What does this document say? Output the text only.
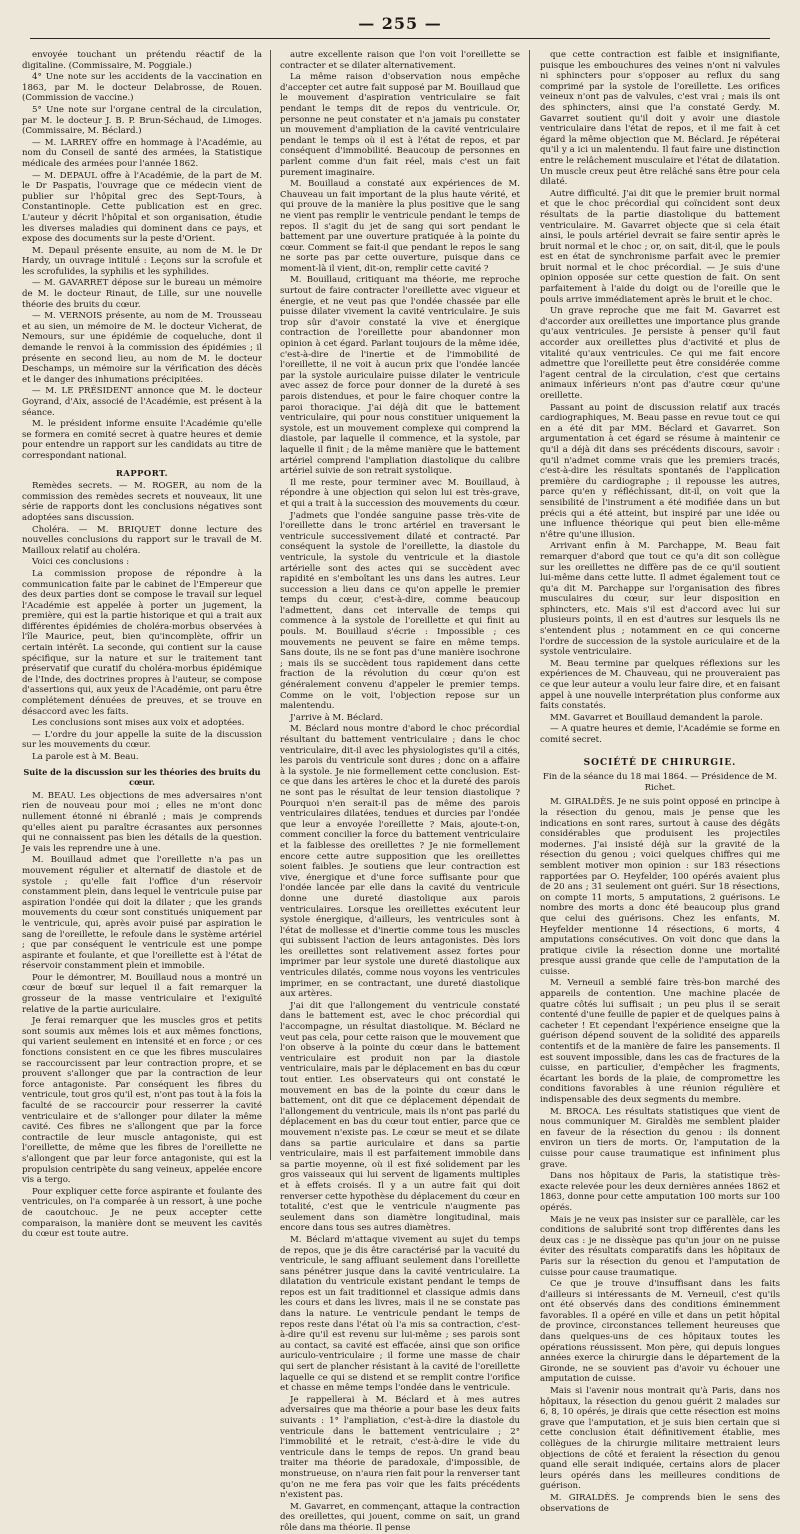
— 255 —

envoyée touchant un prétendu réactif de la digitaline. (Commissaire, M. Poggiale.)

4° Une note sur les accidents de la vaccination en 1863, par M. le docteur Delabrosse, de Rouen. (Commission de vaccine.)

5° Une note sur l'organe central de la circulation, par M. le docteur J. B. P. Brun-Séchaud, de Limoges. (Commissaire, M. Béclard.)

— M. LARREY offre en hommage à l'Académie, au nom du Conseil de santé des armées, la Statistique médicale des armées pour l'année 1862.

— M. DEPAUL offre à l'Académie, de la part de M. le Dr Paspatis, l'ouvrage que ce médecin vient de publier sur l'hôpital grec des Sept-Tours, à Constantinople. Cette publication est en grec. L'auteur y décrit l'hôpital et son organisation, étudie les diverses maladies qui dominent dans ce pays, et expose des documents sur la peste d'Orient.

M. Depaul présente ensuite, au nom de M. le Dr Hardy, un ouvrage intitulé : Leçons sur la scrofule et les scrofulides, la syphilis et les syphilides.

— M. GAVARRET dépose sur le bureau un mémoire de M. le docteur Rinaut, de Lille, sur une nouvelle théorie des bruits du cœur.

— M. VERNOIS présente, au nom de M. Trousseau et au sien, un mémoire de M. le docteur Vicherat, de Nemours, sur une épidémie de coqueluche, dont il demande le renvoi à la commission des épidémies ; il présente en second lieu, au nom de M. le docteur Deschamps, un mémoire sur la vérification des décès et le danger des inhumations précipitées.

— M. LE PRÉSIDENT annonce que M. le docteur Goyrand, d'Aix, associé de l'Académie, est présent à la séance.

M. le président informe ensuite l'Académie qu'elle se formera en comité secret à quatre heures et demie pour entendre un rapport sur les candidats au titre de correspondant national.

RAPPORT.

Remèdes secrets. — M. ROGER, au nom de la commission des remèdes secrets et nouveaux, lit une série de rapports dont les conclusions négatives sont adoptées sans discussion.

Choléra. — M. BRIQUET donne lecture des nouvelles conclusions du rapport sur le travail de M. Mailloux relatif au choléra.

Voici ces conclusions :

La commission propose de répondre à la communication faite par le cabinet de l'Empereur que des deux parties dont se compose le travail sur lequel l'Académie est appelée à porter un jugement, la première, qui est la partie historique et qui a trait aux différentes épidémies de choléra-morbus observées à l'île Maurice, peut, bien qu'incomplète, offrir un certain intérêt. La seconde, qui contient sur la cause spécifique, sur la nature et sur le traitement tant préservatif que curatif du choléra-morbus épidémique de l'Inde, des doctrines propres à l'auteur, se compose d'assertions qui, aux yeux de l'Académie, ont paru être complétement dénuées de preuves, et se trouve en désaccord avec les faits.

Les conclusions sont mises aux voix et adoptées.

— L'ordre du jour appelle la suite de la discussion sur les mouvements du cœur.

La parole est à M. Beau.

Suite de la discussion sur les théories des bruits du cœur.

M. BEAU. Les objections de mes adversaires n'ont rien de nouveau pour moi ; elles ne m'ont donc nullement étonné ni ébranlé ; mais je comprends qu'elles aient pu paraître écrasantes aux personnes qui ne connaissent pas bien les détails de la question. Je vais les reprendre une à une.

M. Bouillaud admet que l'oreillette n'a pas un mouvement régulier et alternatif de diastole et de systole ; qu'elle fait l'office d'un réservoir constamment plein, dans lequel le ventricule puise par aspiration l'ondée qui doit la dilater ; que les grands mouvements du cœur sont constitués uniquement par le ventricule, qui, après avoir puisé par aspiration le sang de l'oreillette, le refoule dans le système artériel ; que par conséquent le ventricule est une pompe aspirante et foulante, et que l'oreillette est à l'état de réservoir constamment plein et immobile.

Pour le démontrer, M. Bouillaud nous a montré un cœur de bœuf sur lequel il a fait remarquer la grosseur de la masse ventriculaire et l'exiguïté relative de la partie auriculaire.

Je ferai remarquer que les muscles gros et petits sont soumis aux mêmes lois et aux mêmes fonctions, qui varient seulement en intensité et en force ; or ces fonctions consistent en ce que les fibres musculaires se raccourcissent par leur contraction propre, et se prouvent s'allonger que par la contraction de leur force antagoniste. Par conséquent les fibres du ventricule, tout gros qu'il est, n'ont pas tout à la fois la faculté de se raccourcir pour resserrer la cavité ventriculaire et de s'allonger pour dilater la même cavité. Ces fibres ne s'allongent que par la force contractile de leur muscle antagoniste, qui est l'oreillette, de même que les fibres de l'oreillette ne s'allongent que par leur force antagoniste, qui est la propulsion centripète du sang veineux, appelée encore vis a tergo.

Pour expliquer cette force aspirante et foulante des ventricules, on l'a comparée à un ressort, à une poche de caoutchouc. Je ne peux accepter cette comparaison, la manière dont se meuvent les cavités du cœur est toute autre.

autre excellente raison que l'on voit l'oreillette se contracter et se dilater alternativement.

La même raison d'observation nous empêche d'accepter cet autre fait supposé par M. Bouillaud que le mouvement d'aspiration ventriculaire se fait pendant le temps dit de repos du ventricule. Or, personne ne peut constater et n'a jamais pu constater un mouvement d'ampliation de la cavité ventriculaire pendant le temps où il est à l'état de repos, et par conséquent d'immobilité. Beaucoup de personnes en parlent comme d'un fait réel, mais c'est un fait purement imaginaire.

M. Bouillaud a constaté aux expériences de M. Chauveau un fait important de la plus haute vérité, et qui prouve de la manière la plus positive que le sang ne vient pas remplir le ventricule pendant le temps de repos. Il s'agit du jet de sang qui sort pendant le battement par une ouverture pratiquée à la pointe du cœur. Comment se fait-il que pendant le repos le sang ne sorte pas par cette ouverture, puisque dans ce moment-là il vient, dit-on, remplir cette cavité ?

M. Bouillaud, critiquant ma théorie, me reproche surtout de faire contracter l'oreillette avec vigueur et énergie, et ne veut pas que l'ondée chassée par elle puisse dilater vivement la cavité ventriculaire. Je suis trop sûr d'avoir constaté la vive et énergique contraction de l'oreillette pour abandonner mon opinion à cet égard. Parlant toujours de la même idée, c'est-à-dire de l'inertie et de l'immobilité de l'oreillette, il ne voit à aucun prix que l'ondée lancée par la systole auriculaire puisse dilater le ventricule avec assez de force pour donner de la dureté à ses parois distendues, et pour le faire choquer contre la paroi thoracique. J'ai déjà dit que le battement ventriculaire, qui pour nous constituer uniquement la systole, est un mouvement complexe qui comprend la diastole, par laquelle il commence, et la systole, par laquelle il finit ; de la même manière que le battement artériel comprend l'ampliation diastolique du calibre artériel suivie de son retrait systolique.

Il me reste, pour terminer avec M. Bouillaud, à répondre à une objection qui selon lui est très-grave, et qui a trait à la succession des mouvements du cœur.

J'admets que l'ondée sanguine passe très-vite de l'oreillette dans le tronc artériel en traversant le ventricule successivement dilaté et contracté. Par conséquent la systole de l'oreillette, la diastole du ventricule, la systole du ventricule et la diastole artérielle sont des actes qui se succèdent avec rapidité en s'emboîtant les uns dans les autres. Leur succession a lieu dans ce qu'on appelle le premier temps du cœur, c'est-à-dire, comme beaucoup l'admettent, dans cet intervalle de temps qui commence à la systole de l'oreillette et qui finit au pouls. M. Bouillaud s'écrie : Impossible ; ces mouvements ne peuvent se faire en même temps. Sans doute, ils ne se font pas d'une manière isochrone ; mais ils se succèdent tous rapidement dans cette fraction de la révolution du cœur qu'on est généralement convenu d'appeler le premier temps. Comme on le voit, l'objection repose sur un malentendu.

J'arrive à M. Béclard.

M. Béclard nous montre d'abord le choc précordial résultant du battement ventriculaire ; dans le choc ventriculaire, dit-il avec les physiologistes qu'il a cités, les parois du ventricule sont dures ; donc on a affaire à la systole. Je nie formellement cette conclusion. Est-ce que dans les artères le choc et la dureté des parois ne sont pas le résultat de leur tension diastolique ? Pourquoi n'en serait-il pas de même des parois ventriculaires dilatées, tendues et durcies par l'ondée que leur a envoyée l'oreillette ? Mais, ajoute-t-on, comment concilier la force du battement ventriculaire et la faiblesse des oreillettes ? Je nie formellement encore cette autre supposition que les oreillettes soient faibles. Je soutiens que leur contraction est vive, énergique et d'une force suffisante pour que l'ondée lancée par elle dans la cavité du ventricule donne une dureté diastolique aux parois ventriculaires. Lorsque les oreillettes exécutent leur systole énergique, d'ailleurs, les ventricules sont à l'état de mollesse et d'inertie comme tous les muscles qui subissent l'action de leurs antagonistes. Dès lors les oreillettes sont relativement assez fortes pour imprimer par leur systole une dureté diastolique aux ventricules dilatés, comme nous voyons les ventricules imprimer, en se contractant, une dureté diastolique aux artères.

J'ai dit que l'allongement du ventricule constaté dans le battement est, avec le choc précordial qui l'accompagne, un résultat diastolique. M. Béclard ne veut pas cela, pour cette raison que le mouvement que l'on observe à la pointe du cœur dans le battement ventriculaire est produit non par la diastole ventriculaire, mais par le déplacement en bas du cœur tout entier. Les observateurs qui ont constaté le mouvement en bas de la pointe du cœur dans le battement, ont dit que ce déplacement dépendait de l'allongement du ventricule, mais ils n'ont pas parlé du déplacement en bas du cœur tout entier, parce que ce mouvement n'existe pas. Le cœur se meut et se dilate dans sa partie auriculaire et dans sa partie ventriculaire, mais il est parfaitement immobile dans sa partie moyenne, où il est fixé solidement par les gros vaisseaux qui lui servent de ligaments multiples et à effets croisés. Il y a un autre fait qui doit renverser cette hypothèse du déplacement du cœur en totalité, c'est que le ventricule n'augmente pas seulement dans son diamètre longitudinal, mais encore dans tous ses autres diamètres.

M. Béclard m'attaque vivement au sujet du temps de repos, que je dis être caractérisé par la vacuité du ventricule, le sang affluant seulement dans l'oreillette sans pénétrer jusque dans la cavité ventriculaire. La dilatation du ventricule existant pendant le temps de repos est un fait traditionnel et classique admis dans les cours et dans les livres, mais il ne se constate pas dans la nature. Le ventricule pendant le temps de repos reste dans l'état où l'a mis sa contraction, c'est-à-dire qu'il est revenu sur lui-même ; ses parois sont au contact, sa cavité est effacée, ainsi que son orifice auriculo-ventriculaire ; il forme une masse de chair qui sert de plancher résistant à la cavité de l'oreillette laquelle ce qui se distend et se remplit contre l'orifice et chasse en même temps l'ondée dans le ventricule.

Je rappellerai à M. Béclard et à mes autres adversaires que ma théorie a pour base les deux faits suivants : 1° l'ampliation, c'est-à-dire la diastole du ventricule dans le battement ventriculaire ; 2° l'immobilité et le retrait, c'est-à-dire le vide du ventricule dans le temps de repos. Un grand beau traiter ma théorie de paradoxale, d'impossible, de monstrueuse, on n'aura rien fait pour la renverser tant qu'on ne me fera pas voir que les faits précédents n'existent pas.

M. Gavarret, en commençant, attaque la contraction des oreillettes, qui jouent, comme on sait, un grand rôle dans ma théorie. Il pense

que cette contraction est faible et insignifiante, puisque les embouchures des veines n'ont ni valvules ni sphincters pour s'opposer au reflux du sang comprimé par la systole de l'oreillette. Les orifices veineux n'ont pas de valvules, c'est vrai ; mais ils ont des sphincters, ainsi que l'a constaté Gerdy. M. Gavarret soutient qu'il doit y avoir une diastole ventriculaire dans l'état de repos, et il me fait à cet égard la même objection que M. Béclard. Je répéterai qu'il y a ici un malentendu. Il faut faire une distinction entre le relâchement musculaire et l'état de dilatation. Un muscle creux peut être relâché sans être pour cela dilaté.

Autre difficulté. J'ai dit que le premier bruit normal et que le choc précordial qui coïncident sont deux résultats de la partie diastolique du battement ventriculaire. M. Gavarret objecte que si cela était ainsi, le pouls artériel devrait se faire sentir après le bruit normal et le choc ; or, on sait, dit-il, que le pouls est en état de synchronisme parfait avec le premier bruit normal et le choc précordial. — Je suis d'une opinion opposée sur cette question de fait. On sent parfaitement à l'aide du doigt ou de l'oreille que le pouls arrive immédiatement après le bruit et le choc.

Un grave reproche que me fait M. Gavarret est d'accorder aux oreillettes une importance plus grande qu'aux ventricules. Je persiste à penser qu'il faut accorder aux oreillettes plus d'activité et plus de vitalité qu'aux ventricules. Ce qui me fait encore admettre que l'oreillette peut être considérée comme l'agent central de la circulation, c'est que certains animaux inférieurs n'ont pas d'autre cœur qu'une oreillette.

Passant au point de discussion relatif aux tracés cardiographiques, M. Beau passe en revue tout ce qui en a été dit par MM. Béclard et Gavarret. Son argumentation à cet égard se résume à maintenir ce qu'il a déjà dit dans ses précédents discours, savoir : qu'il n'admet comme vrais que les premiers tracés, c'est-à-dire les résultats spontanés de l'application première du cardiographe ; il repousse les autres, parce qu'en y réfléchissant, dit-il, on voit que la sensibilité de l'instrument a été modifiée dans un but précis qui a été atteint, but inspiré par une idée ou une influence théorique qui peut bien elle-même n'être qu'une illusion.

Arrivant enfin à M. Parchappe, M. Beau fait remarquer d'abord que tout ce qu'a dit son collègue sur les oreillettes ne diffère pas de ce qu'il soutient lui-même dans cette lutte. Il admet également tout ce qu'a dit M. Parchappe sur l'organisation des fibres musculaires du cœur, sur leur disposition en sphincters, etc. Mais s'il est d'accord avec lui sur plusieurs points, il en est d'autres sur lesquels ils ne s'entendent plus ; notamment en ce qui concerne l'ordre de succession de la systole auriculaire et de la systole ventriculaire.

M. Beau termine par quelques réflexions sur les expériences de M. Chauveau, qui ne prouveraient pas ce que leur auteur a voulu leur faire dire, et en faisant appel à une nouvelle interprétation plus conforme aux faits constatés.

MM. Gavarret et Bouillaud demandent la parole.

— A quatre heures et demie, l'Académie se forme en comité secret.

SOCIÉTÉ DE CHIRURGIE.
Fin de la séance du 18 mai 1864. — Présidence de M. Richet.

M. GIRALDÈS. Je ne suis point opposé en principe à la résection du genou, mais je pense que les indications en sont rares, surtout à cause des dégâts considérables que produisent les projectiles modernes. J'ai insisté déjà sur la gravité de la résection du genou ; voici quelques chiffres qui me semblent motiver mon opinion : sur 183 résections rapportées par O. Heyfelder, 100 opérés avaient plus de 20 ans ; 31 seulement ont guéri. Sur 18 résections, on compte 11 morts, 5 amputations, 2 guérisons. Le nombre des morts a donc été beaucoup plus grand que celui des guérisons. Chez les enfants, M. Heyfelder mentionne 14 résections, 6 morts, 4 amputations consécutives. On voit donc que dans la pratique civile la résection donne une mortalité presque aussi grande que celle de l'amputation de la cuisse.

M. Verneuil a semblé faire très-bon marché des appareils de contention. Une machine placée de quatre côtés lui suffisait ; un peu plus il se serait contenté d'une feuille de papier et de quelques pains à cacheter ! Et cependant l'expérience enseigne que la guérison dépend souvent de la solidité des appareils contentifs et de la manière de faire les pansements. Il est souvent impossible, dans les cas de fractures de la cuisse, en particulier, d'empêcher les fragments, écartant les bords de la plaie, de compromettre les conditions favorables à une réunion régulière et indispensable des deux segments du membre.

M. BROCA. Les résultats statistiques que vient de nous communiquer M. Giraldès me semblent plaider en faveur de la résection du genou : ils donnent environ un tiers de morts. Or, l'amputation de la cuisse pour cause traumatique est infiniment plus grave.

Dans nos hôpitaux de Paris, la statistique très-exacte relevée pour les deux dernières années 1862 et 1863, donne pour cette amputation 100 morts sur 100 opérés.

Mais je ne veux pas insister sur ce parallèle, car les conditions de salubrité sont trop différentes dans les deux cas : je ne dissèque pas qu'un jour on ne puisse éviter des résultats comparatifs dans les hôpitaux de Paris sur la résection du genou et l'amputation de cuisse pour cause traumatique.

Ce que je trouve d'insuffisant dans les faits d'ailleurs si intéressants de M. Verneuil, c'est qu'ils ont été observés dans des conditions éminemment favorables. Il a opéré en ville et dans un petit hôpital de province, circonstances tellement heureuses que dans quelques-uns de ces hôpitaux toutes les opérations réussissent. Mon père, qui depuis longues années exerce la chirurgie dans le département de la Gironde, ne se souvient pas d'avoir vu échouer une amputation de cuisse.

Mais si l'avenir nous montrait qu'à Paris, dans nos hôpitaux, la résection du genou guérit 2 malades sur 6, 8, 10 opérés, je dirais que cette résection est moins grave que l'amputation, et je suis bien certain que si cette conclusion était définitivement établie, mes collègues de la chirurgie militaire mettraient leurs objections de côté et feraient la résection du genou quand elle serait indiquée, certains alors de placer leurs opérés dans les meilleures conditions de guérison.

M. GIRALDÈS. Je comprends bien le sens des observations de
